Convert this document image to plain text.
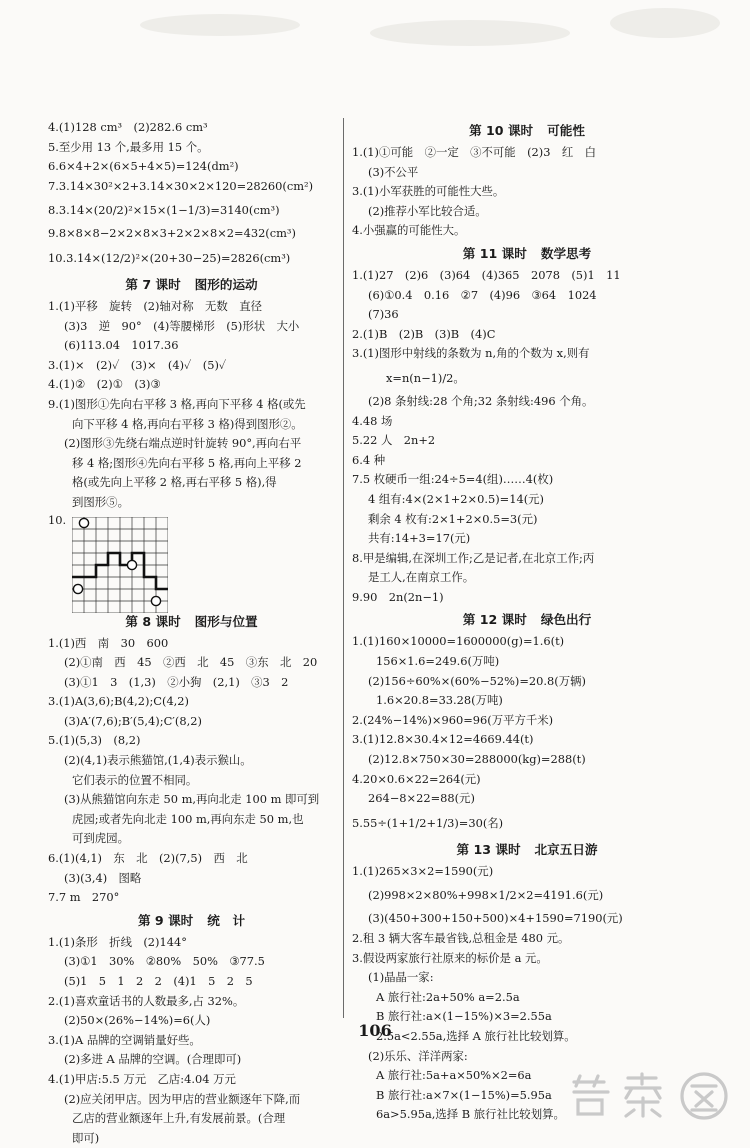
4.(1)128 cm³　(2)282.6 cm³
5.至少用 13 个,最多用 15 个。
6.6×4+2×(6×5+4×5)=124(dm²)
7.3.14×30²×2+3.14×30×2×120=28260(cm²)
8.3.14×(20/2)²×15×(1−1/3)=3140(cm³)
9.8×8×8−2×2×8×3+2×2×8×2=432(cm³)
10.3.14×(12/2)²×(20+30−25)=2826(cm³)
第 7 课时 图形的运动
1.(1)平移　旋转　(2)轴对称　无数　直径
(3)3　逆　90°　(4)等腰梯形　(5)形状　大小
(6)113.04　1017.36
3.(1)×　(2)✓　(3)×　(4)✓　(5)✓
4.(1)②　(2)①　(3)③
9.(1)图形①先向右平移 3 格,再向下平移 4 格(或先
向下平移 4 格,再向右平移 3 格)得到图形②。
(2)图形③先绕右端点逆时针旋转 90°,再向右平
移 4 格;图形④先向右平移 5 格,再向上平移 2
格(或先向上平移 2 格,再右平移 5 格),得
到图形⑤。
10.
第 8 课时 图形与位置
1.(1)西　南　30　600
(2)①南　西　45　②西　北　45　③东　北　20
(3)①1　3　(1,3)　②小狗　(2,1)　③3　2
3.(1)A(3,6);B(4,2);C(4,2)
(3)A′(7,6);B′(5,4);C′(8,2)
5.(1)(5,3)　(8,2)
(2)(4,1)表示熊猫馆,(1,4)表示猴山。
它们表示的位置不相同。
(3)从熊猫馆向东走 50 m,再向北走 100 m 即可到
虎园;或者先向北走 100 m,再向东走 50 m,也
可到虎园。
6.(1)(4,1)　东　北　(2)(7,5)　西　北
(3)(3,4)　图略
7.7 m　270°
第 9 课时 统　计
1.(1)条形　折线　(2)144°
(3)①1　30%　②80%　50%　③77.5
(5)1　5　1　2　2　(4)1　5　2　5
2.(1)喜欢童话书的人数最多,占 32%。
(2)50×(26%−14%)=6(人)
3.(1)A 品牌的空调销量好些。
(2)多进 A 品牌的空调。(合理即可)
4.(1)甲店:5.5 万元　乙店:4.04 万元
(2)应关闭甲店。因为甲店的营业额逐年下降,而
乙店的营业额逐年上升,有发展前景。(合理
即可)
第 10 课时 可能性
1.(1)①可能　②一定　③不可能　(2)3　红　白
(3)不公平
3.(1)小军获胜的可能性大些。
(2)推荐小军比较合适。
4.小强赢的可能性大。
第 11 课时 数学思考
1.(1)27　(2)6　(3)64　(4)365　2078　(5)1　11
(6)①0.4　0.16　②7　(4)96　③64　1024
(7)36
2.(1)B　(2)B　(3)B　(4)C
3.(1)图形中射线的条数为 n,角的个数为 x,则有
x=n(n−1)/2。
(2)8 条射线:28 个角;32 条射线:496 个角。
4.48 场
5.22 人　2n+2
6.4 种
7.5 枚硬币一组:24÷5=4(组)……4(枚)
4 组有:4×(2×1+2×0.5)=14(元)
剩余 4 枚有:2×1+2×0.5=3(元)
共有:14+3=17(元)
8.甲是编辑,在深圳工作;乙是记者,在北京工作;丙
是工人,在南京工作。
9.90　2n(2n−1)
第 12 课时 绿色出行
1.(1)160×10000=1600000(g)=1.6(t)
156×1.6=249.6(万吨)
(2)156÷60%×(60%−52%)=20.8(万辆)
1.6×20.8=33.28(万吨)
2.(24%−14%)×960=96(万平方千米)
3.(1)12.8×30.4×12=4669.44(t)
(2)12.8×750×30=288000(kg)=288(t)
4.20×0.6×22=264(元)
264−8×22=88(元)
5.55÷(1+1/2+1/3)=30(名)
第 13 课时 北京五日游
1.(1)265×3×2=1590(元)
(2)998×2×80%+998×1/2×2=4191.6(元)
(3)(450+300+150+500)×4+1590=7190(元)
2.租 3 辆大客车最省钱,总租金是 480 元。
3.假设两家旅行社原来的标价是 a 元。
(1)晶晶一家:
A 旅行社:2a+50% a=2.5a
B 旅行社:a×(1−15%)×3=2.55a
2.5a<2.55a,选择 A 旅行社比较划算。
(2)乐乐、洋洋两家:
A 旅行社:5a+a×50%×2=6a
B 旅行社:a×7×(1−15%)=5.95a
6a>5.95a,选择 B 旅行社比较划算。
106
